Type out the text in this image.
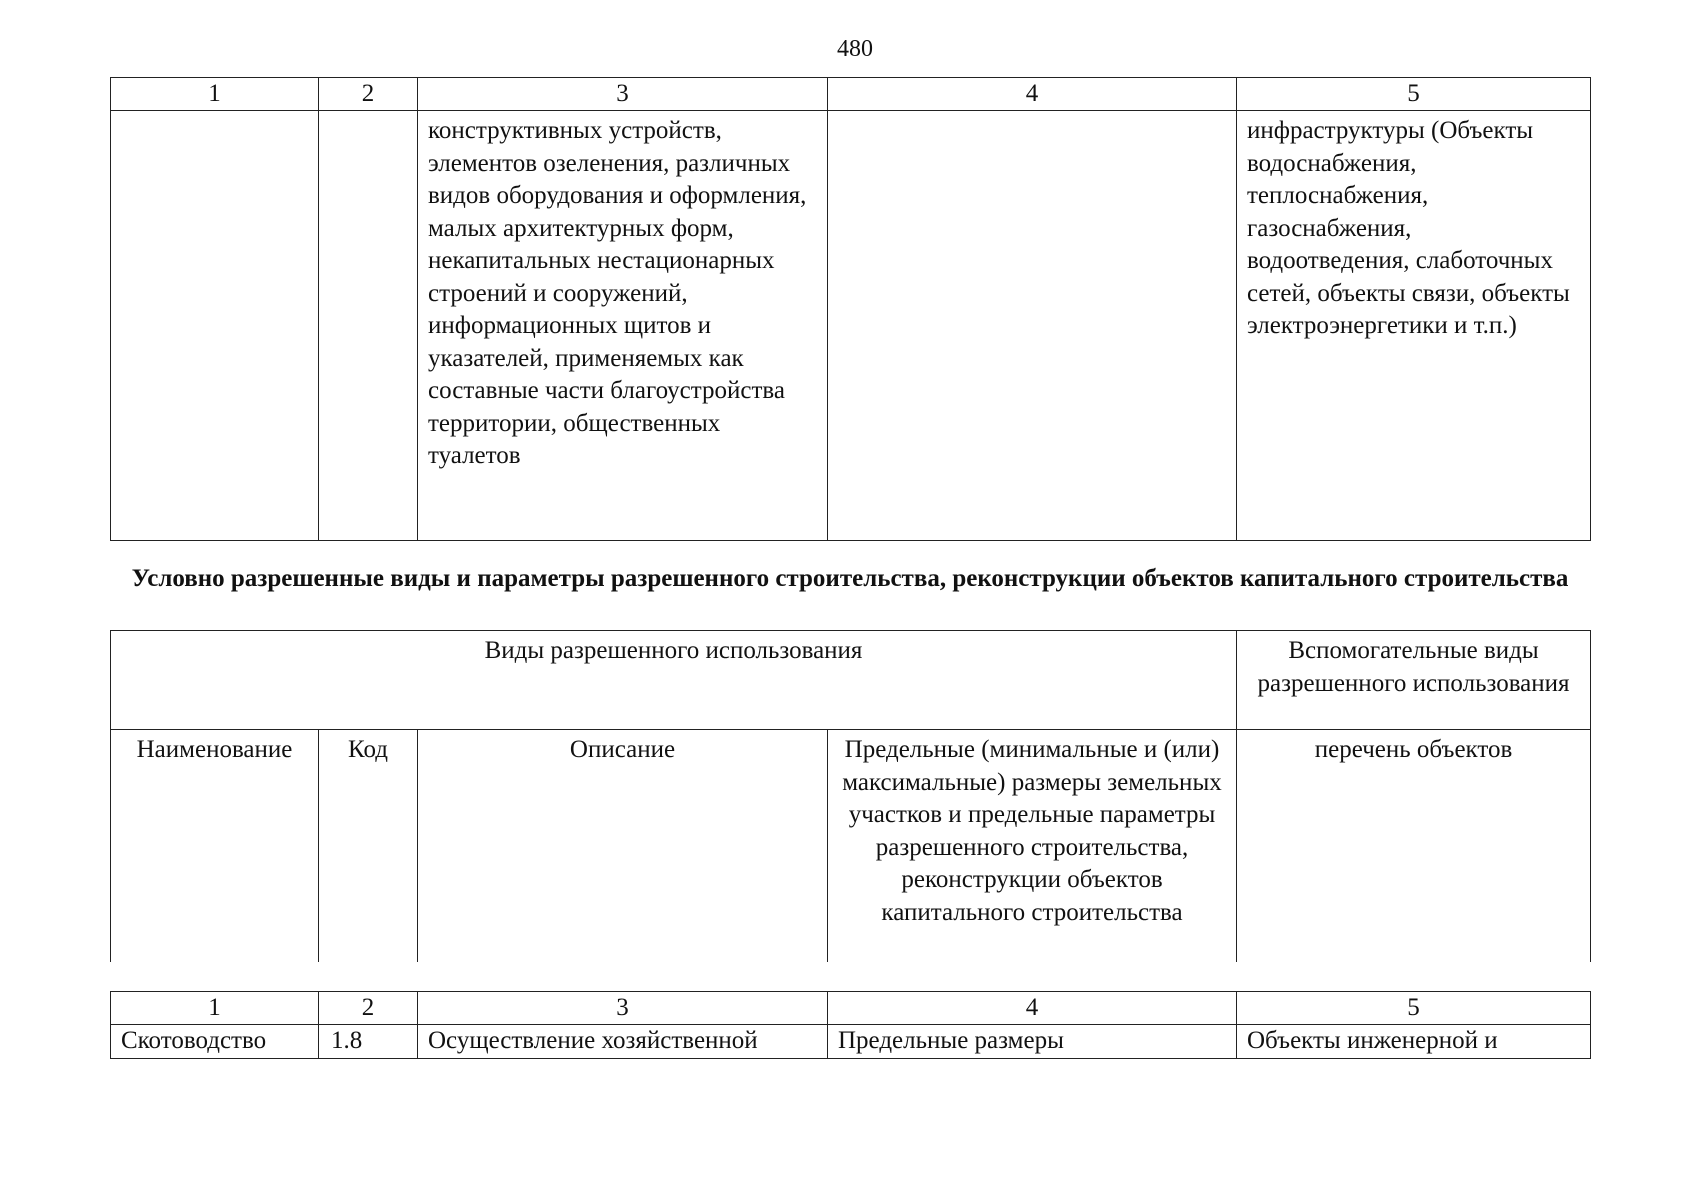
480
1	2	3	4	5

		конструктивных устройств, элементов озеленения, различных видов оборудования и оформления, малых архитектурных форм, некапитальных нестационарных строений и сооружений, информационных щитов и указателей, применяемых как составные части благоустройства территории, общественных туалетов		инфраструктуры (Объекты водоснабжения, теплоснабжения, газоснабжения, водоотведения, слаботочных сетей, объекты связи, объекты электроэнергетики и т.п.)
Условно разрешенные виды и параметры разрешенного строительства, реконструкции объектов капитального строительства
Виды разрешенного использования				Вспомогательные виды разрешенного использования

Наименование	Код	Описание	Предельные (минимальные и (или) максимальные) размеры земельных участков и предельные параметры разрешенного строительства, реконструкции объектов капитального строительства	перечень объектов
1	2	3	4	5

Скотоводство	1.8	Осуществление хозяйственной	Предельные размеры	Объекты инженерной и
